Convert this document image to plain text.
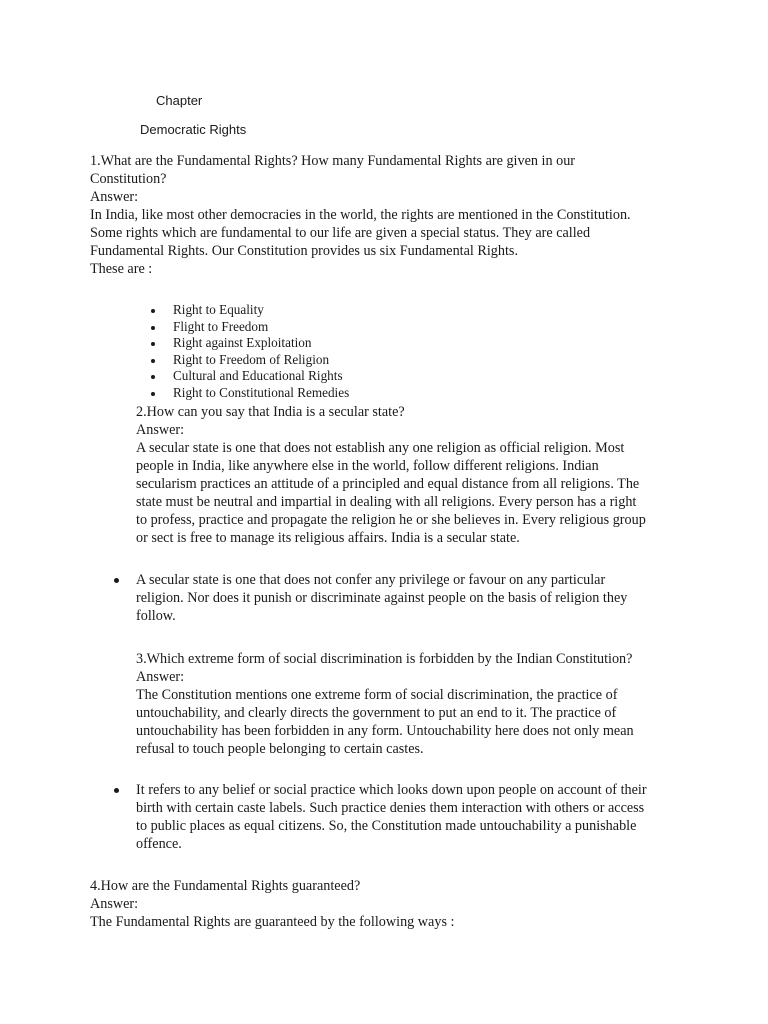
Chapter
Democratic Rights
1.What are the Fundamental Rights? How many Fundamental Rights are given in our
Constitution?
Answer:
In India, like most other democracies in the world, the rights are mentioned in the Constitution.
Some rights which are fundamental to our life are given a special status. They are called
Fundamental Rights. Our Constitution provides us six Fundamental Rights.
These are :
Right to Equality
Flight to Freedom
Right against Exploitation
Right to Freedom of Religion
Cultural and Educational Rights
Right to Constitutional Remedies
2.How can you say that India is a secular state?
Answer:
A secular state is one that does not establish any one religion as official religion. Most
people in India, like anywhere else in the world, follow different religions. Indian
secularism practices an attitude of a principled and equal distance from all religions. The
state must be neutral and impartial in dealing with all religions. Every person has a right
to profess, practice and propagate the religion he or she believes in. Every religious group
or sect is free to manage its religious affairs. India is a secular state.
A secular state is one that does not confer any privilege or favour on any particular
religion. Nor does it punish or discriminate against people on the basis of religion they
follow.
3.Which extreme form of social discrimination is forbidden by the Indian Constitution?
Answer:
The Constitution mentions one extreme form of social discrimination, the practice of
untouchability, and clearly directs the government to put an end to it. The practice of
untouchability has been forbidden in any form. Untouchability here does not only mean
refusal to touch people belonging to certain castes.
It refers to any belief or social practice which looks down upon people on account of their
birth with certain caste labels. Such practice denies them interaction with others or access
to public places as equal citizens. So, the Constitution made untouchability a punishable
offence.
4.How are the Fundamental Rights guaranteed?
Answer:
The Fundamental Rights are guaranteed by the following ways :
